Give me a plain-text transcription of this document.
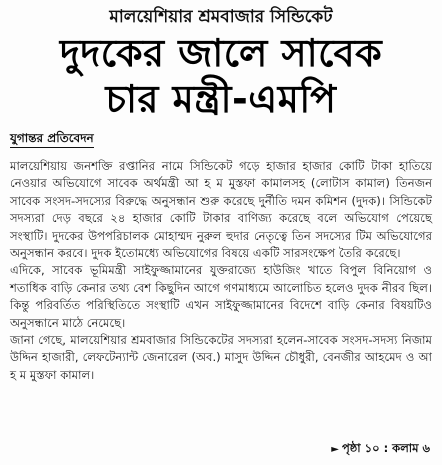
মালয়েশিয়ার শ্রমবাজার সিন্ডিকেট
দুদকের জালে সাবেক
চার মন্ত্রী-এমপি
যুগান্তর প্রতিবেদন

মালয়েশিয়ায় জনশক্তি রপ্তানির নামে সিন্ডিকেট গড়ে হাজার হাজার কোটি টাকা হাতিয়ে নেওয়ার অভিযোগে সাবেক অর্থমন্ত্রী আ হ ম মুস্তফা কামালসহ (লোটাস কামাল) তিনজন সাবেক সংসদ-সদস্যের বিরুদ্ধে অনুসন্ধান শুরু করেছে দুর্নীতি দমন কমিশন (দুদক)। সিন্ডিকেট সদস্যরা দেড় বছরে ২৪ হাজার কোটি টাকার বাণিজ্য করেছে বলে অভিযোগ পেয়েছে সংস্থাটি। দুদকের উপপরিচালক মোহাম্মদ নুরুল হুদার নেতৃত্বে তিন সদস্যের টিম অভিযোগের অনুসন্ধান করবে। দুদক ইতোমধ্যে অভিযোগের বিষয়ে একটি সারসংক্ষেপ তৈরি করেছে।

এদিকে, সাবেক ভূমিমন্ত্রী সাইফুজ্জামানের যুক্তরাজ্যে হাউজিং খাতে বিপুল বিনিয়োগ ও শতাধিক বাড়ি কেনার তথ্য বেশ কিছুদিন আগে গণমাধ্যমে আলোচিত হলেও দুদক নীরব ছিল। কিন্তু পরিবর্তিত পরিস্থিতিতে সংস্থাটি এখন সাইফুজ্জামানের বিদেশে বাড়ি কেনার বিষয়টিও অনুসন্ধানে মাঠে নেমেছে।

জানা গেছে, মালয়েশিয়ার শ্রমবাজার সিন্ডিকেটের সদস্যরা হলেন-সাবেক সংসদ-সদস্য নিজাম উদ্দিন হাজারী, লেফটেন্যান্ট জেনারেল (অব.) মাসুদ উদ্দিন চৌধুরী, বেনজীর আহমেদ ও আ হ ম মুস্তফা কামাল।

► পৃষ্ঠা ১০ : কলাম ৬
